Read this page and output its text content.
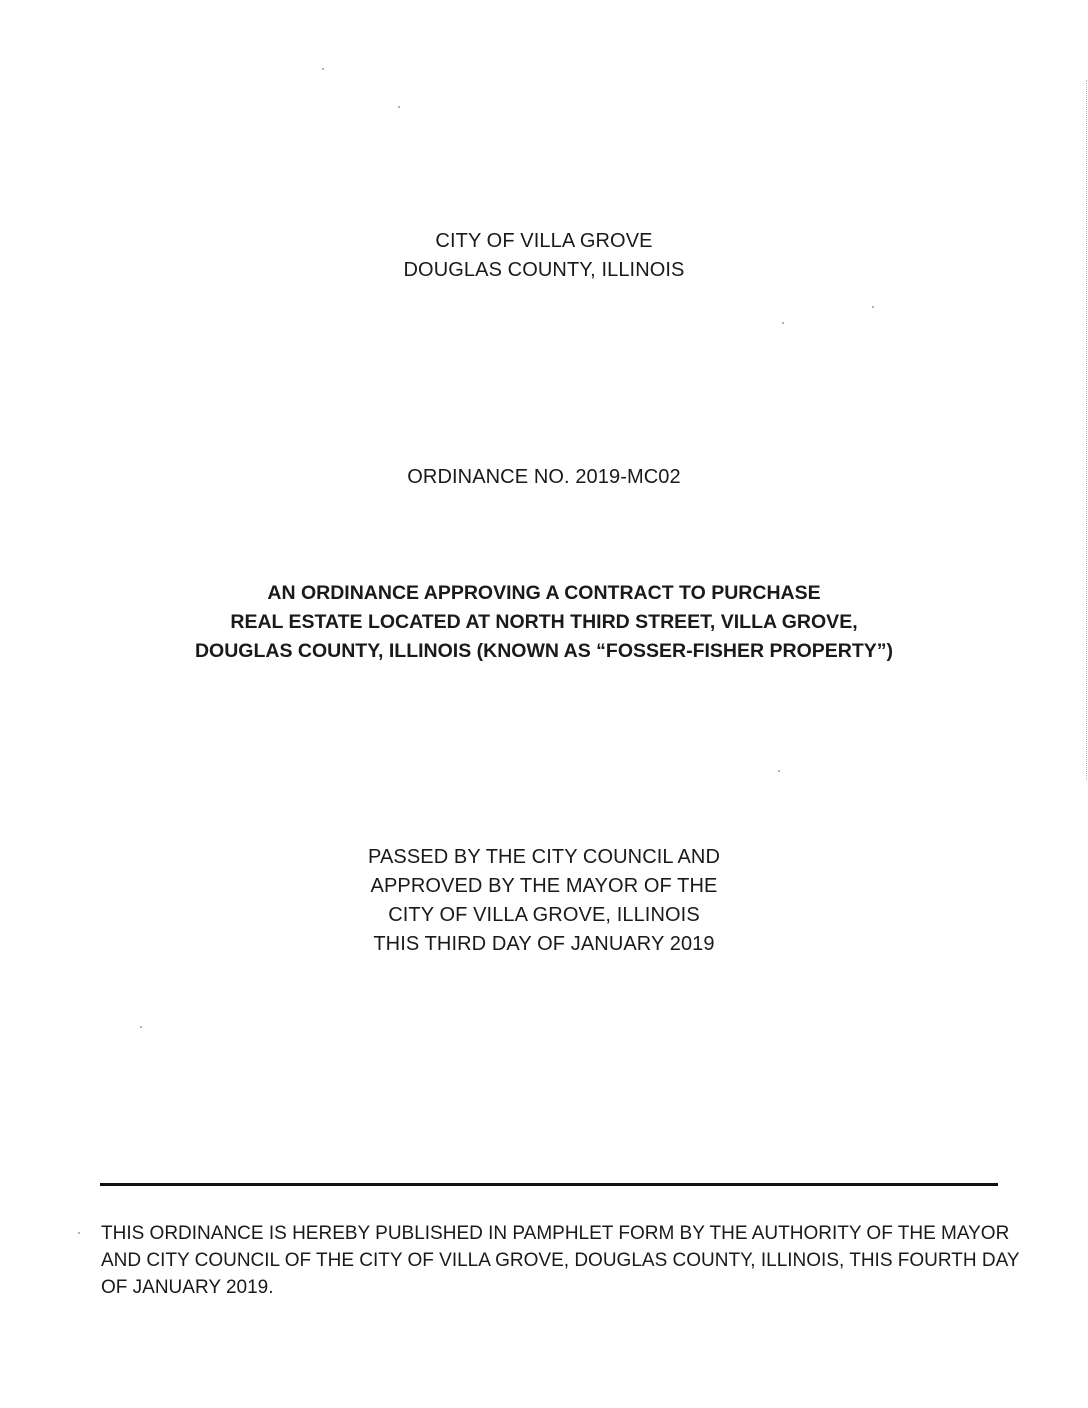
CITY OF VILLA GROVE
DOUGLAS COUNTY, ILLINOIS
ORDINANCE NO. 2019-MC02
AN ORDINANCE APPROVING A CONTRACT TO PURCHASE
REAL ESTATE LOCATED AT NORTH THIRD STREET, VILLA GROVE,
DOUGLAS COUNTY, ILLINOIS (KNOWN AS “FOSSER-FISHER PROPERTY”)
PASSED BY THE CITY COUNCIL AND
APPROVED BY THE MAYOR OF THE
CITY OF VILLA GROVE, ILLINOIS
THIS THIRD DAY OF JANUARY 2019
THIS ORDINANCE IS HEREBY PUBLISHED IN PAMPHLET FORM BY THE AUTHORITY OF THE MAYOR
AND CITY COUNCIL OF THE CITY OF VILLA GROVE, DOUGLAS COUNTY, ILLINOIS, THIS FOURTH DAY
OF JANUARY 2019.
